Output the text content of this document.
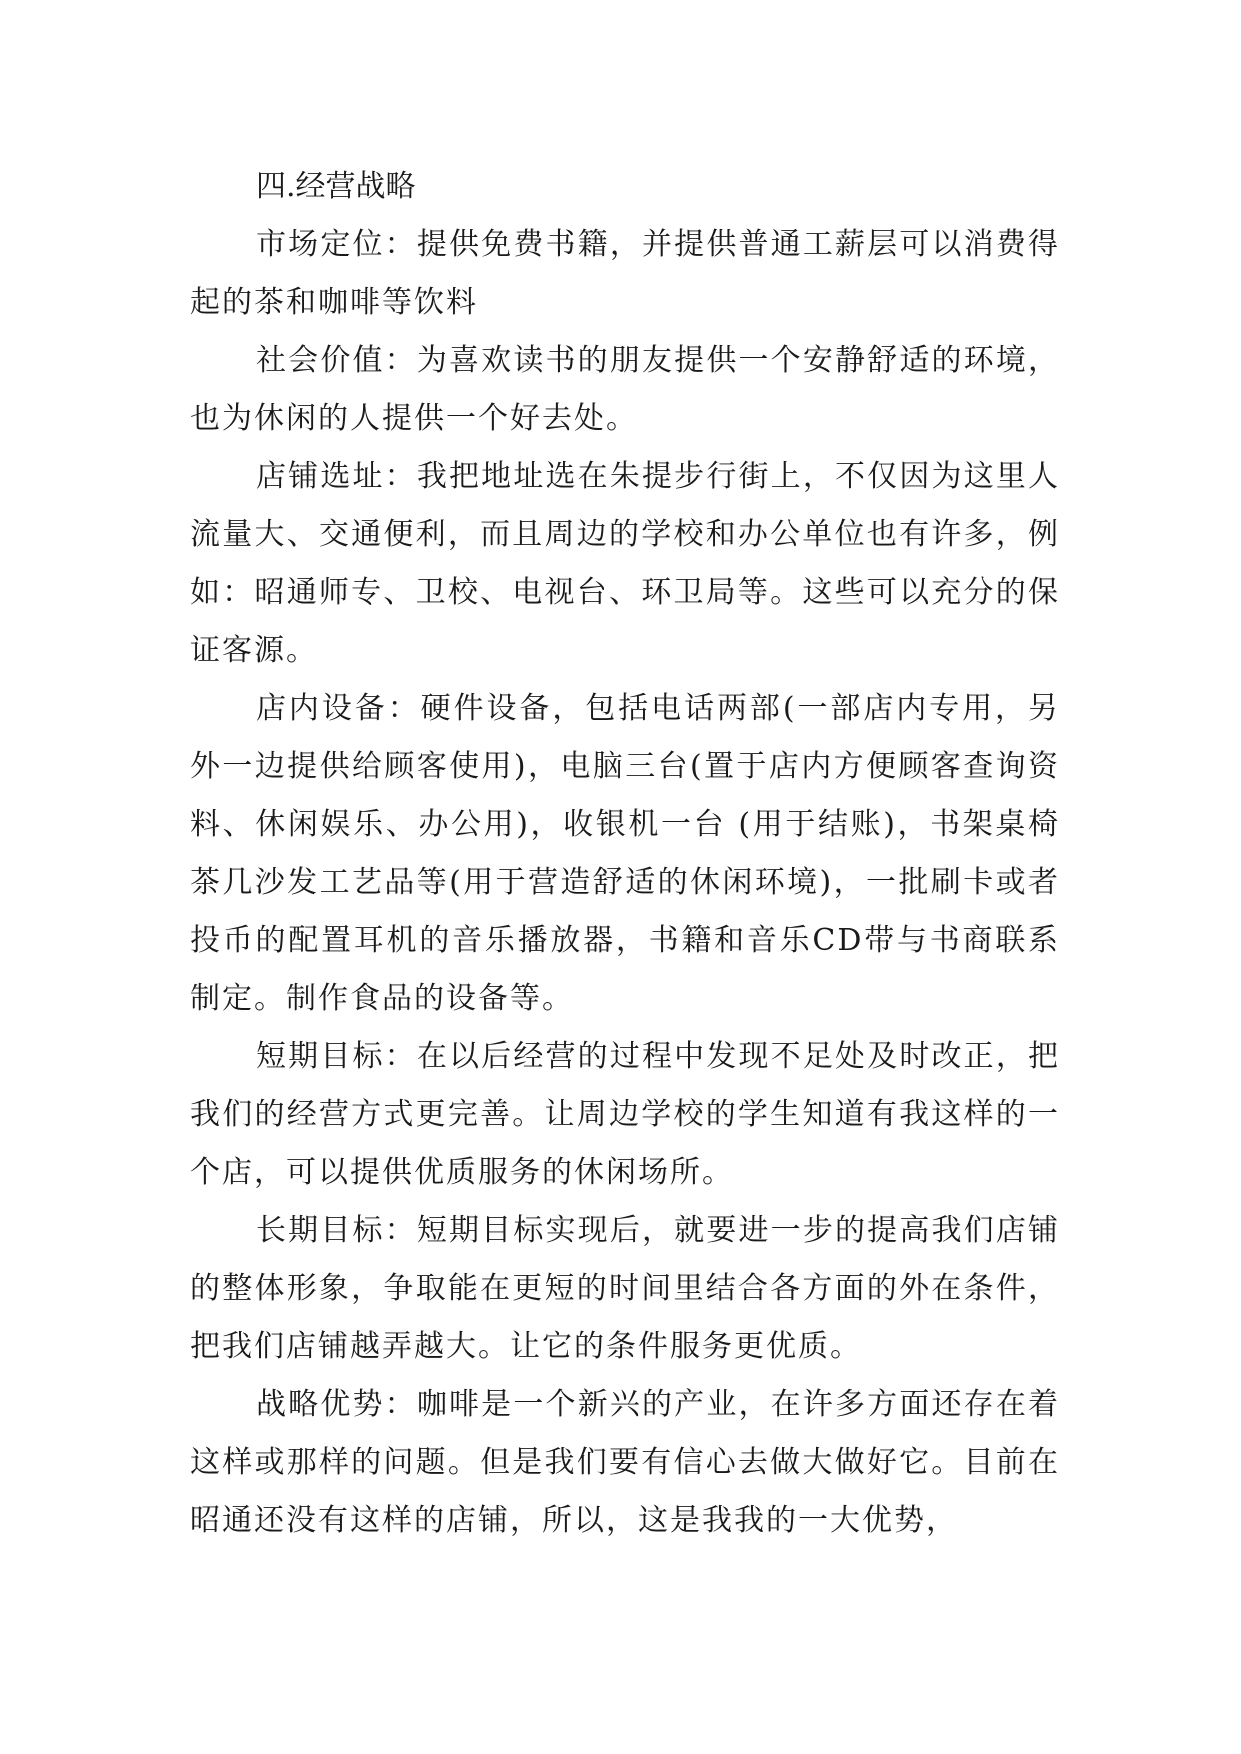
四.经营战略

市场定位：提供免费书籍，并提供普通工薪层可以消费得起的茶和咖啡等饮料

社会价值：为喜欢读书的朋友提供一个安静舒适的环境，也为休闲的人提供一个好去处。

店铺选址：我把地址选在朱提步行街上，不仅因为这里人流量大、交通便利，而且周边的学校和办公单位也有许多，例如：昭通师专、卫校、电视台、环卫局等。这些可以充分的保证客源。

店内设备：硬件设备，包括电话两部(一部店内专用，另外一边提供给顾客使用)，电脑三台(置于店内方便顾客查询资料、休闲娱乐、办公用)，收银机一台 (用于结账)，书架桌椅茶几沙发工艺品等(用于营造舒适的休闲环境)，一批刷卡或者投币的配置耳机的音乐播放器，书籍和音乐CD带与书商联系制定。制作食品的设备等。

短期目标：在以后经营的过程中发现不足处及时改正，把我们的经营方式更完善。让周边学校的学生知道有我这样的一个店，可以提供优质服务的休闲场所。

长期目标：短期目标实现后，就要进一步的提高我们店铺的整体形象，争取能在更短的时间里结合各方面的外在条件，把我们店铺越弄越大。让它的条件服务更优质。

战略优势：咖啡是一个新兴的产业，在许多方面还存在着这样或那样的问题。但是我们要有信心去做大做好它。目前在昭通还没有这样的店铺，所以，这是我我的一大优势，
